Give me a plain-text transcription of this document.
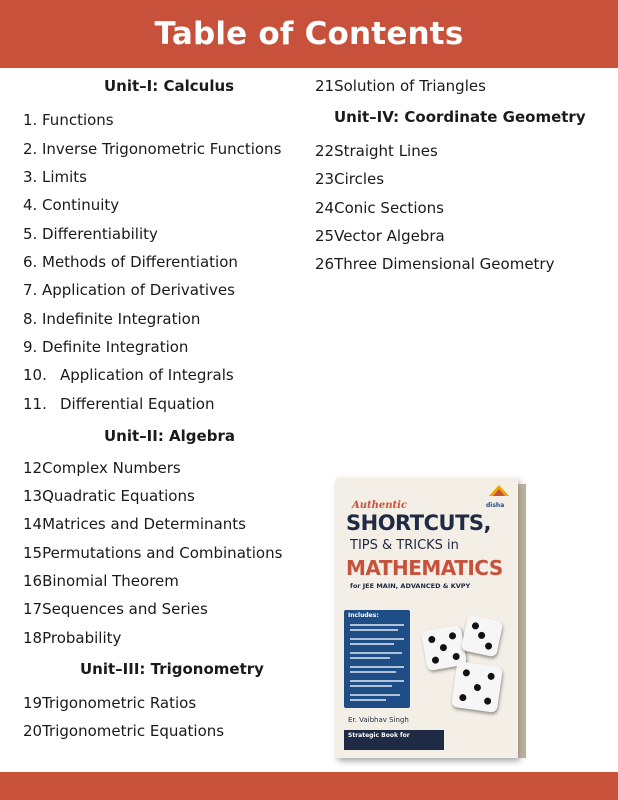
Table of Contents
Unit–I: Calculus
1. Functions
2. Inverse Trigonometric Functions
3. Limits
4. Continuity
5. Differentiability
6. Methods of Differentiation
7. Application of Derivatives
8. Indefinite Integration
9. Definite Integration
10. Application of Integrals
11. Differential Equation
Unit–II: Algebra
12Complex Numbers
13Quadratic Equations
14Matrices and Determinants
15Permutations and Combinations
16Binomial Theorem
17Sequences and Series
18Probability
Unit–III: Trigonometry
19Trigonometric Ratios
20Trigonometric Equations
21Solution of Triangles
Unit–IV: Coordinate Geometry
22Straight Lines
23Circles
24Conic Sections
25Vector Algebra
26Three Dimensional Geometry
disha
Authentic
SHORTCUTS,
TIPS & TRICKS in
MATHEMATICS
for JEE MAIN, ADVANCED & KVPY
Includes:
Er. Vaibhav Singh
Strategic Book for
